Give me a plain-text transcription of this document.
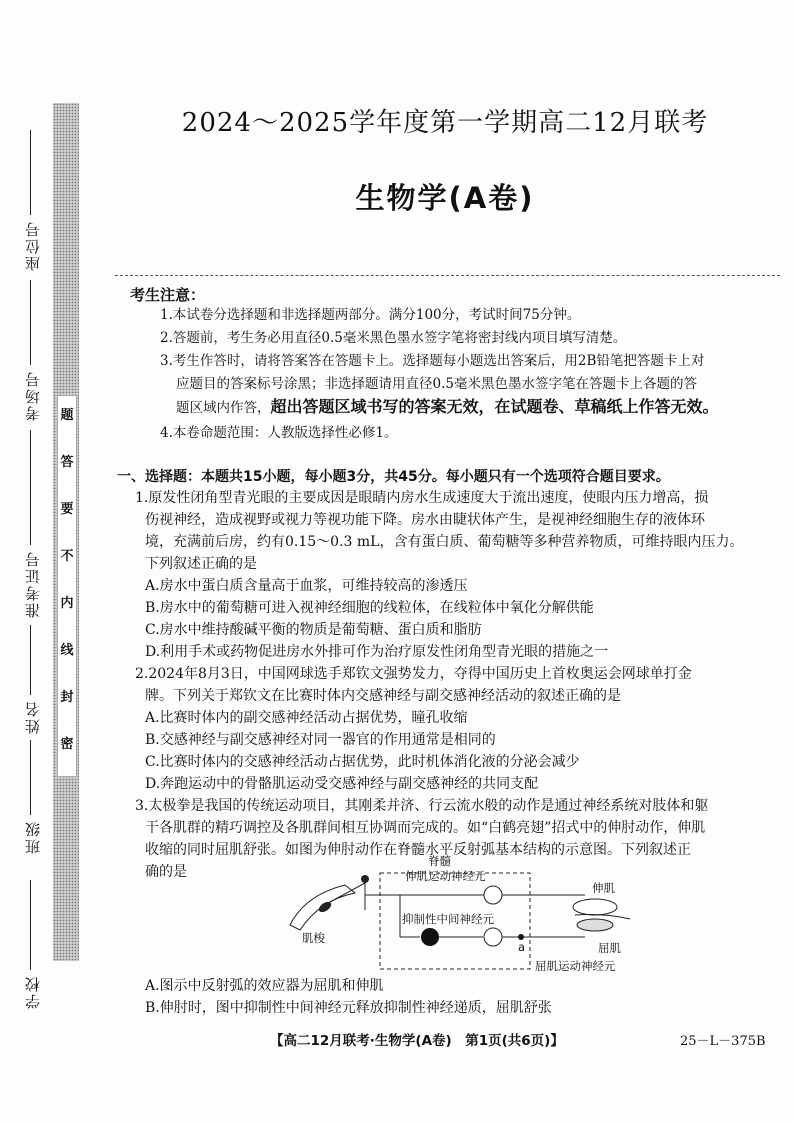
题
答
要
不
内
线
封
密
座位号
考场号
准考证号
姓名
班级
学校
2024～2025学年度第一学期高二12月联考
生物学(A卷)
考生注意：
1.本试卷分选择题和非选择题两部分。满分100分，考试时间75分钟。
2.答题前，考生务必用直径0.5毫米黑色墨水签字笔将密封线内项目填写清楚。
3.考生作答时，请将答案答在答题卡上。选择题每小题选出答案后，用2B铅笔把答题卡上对
应题目的答案标号涂黑；非选择题请用直径0.5毫米黑色墨水签字笔在答题卡上各题的答
题区域内作答，超出答题区域书写的答案无效，在试题卷、草稿纸上作答无效。
4.本卷命题范围：人教版选择性必修1。
一、选择题：本题共15小题，每小题3分，共45分。每小题只有一个选项符合题目要求。
1.原发性闭角型青光眼的主要成因是眼睛内房水生成速度大于流出速度，使眼内压力增高，损
伤视神经，造成视野或视力等视功能下降。房水由睫状体产生，是视神经细胞生存的液体环
境，充满前后房，约有0.15～0.3 mL，含有蛋白质、葡萄糖等多种营养物质，可维持眼内压力。
下列叙述正确的是
A.房水中蛋白质含量高于血浆，可维持较高的渗透压
B.房水中的葡萄糖可进入视神经细胞的线粒体，在线粒体中氧化分解供能
C.房水中维持酸碱平衡的物质是葡萄糖、蛋白质和脂肪
D.利用手术或药物促进房水外排可作为治疗原发性闭角型青光眼的措施之一
2.2024年8月3日，中国网球选手郑钦文强势发力，夺得中国历史上首枚奥运会网球单打金
牌。下列关于郑钦文在比赛时体内交感神经与副交感神经活动的叙述正确的是
A.比赛时体内的副交感神经活动占据优势，瞳孔收缩
B.交感神经与副交感神经对同一器官的作用通常是相同的
C.比赛时体内的交感神经活动占据优势，此时机体消化液的分泌会减少
D.奔跑运动中的骨骼肌运动受交感神经与副交感神经的共同支配
3.太极拳是我国的传统运动项目，其刚柔并济、行云流水般的动作是通过神经系统对肢体和躯
干各肌群的精巧调控及各肌群间相互协调而完成的。如“白鹤亮翅”招式中的伸肘动作，伸肌
收缩的同时屈肌舒张。如图为伸肘动作在脊髓水平反射弧基本结构的示意图。下列叙述正
确的是
脊髓
伸肌运动神经元
抑制性中间神经元
肌梭
伸肌
屈肌
屈肌运动神经元
a
A.图示中反射弧的效应器为屈肌和伸肌
B.伸肘时，图中抑制性中间神经元释放抑制性神经递质，屈肌舒张
【高二12月联考·生物学(A卷)　第1页(共6页)】	25－L－375B
